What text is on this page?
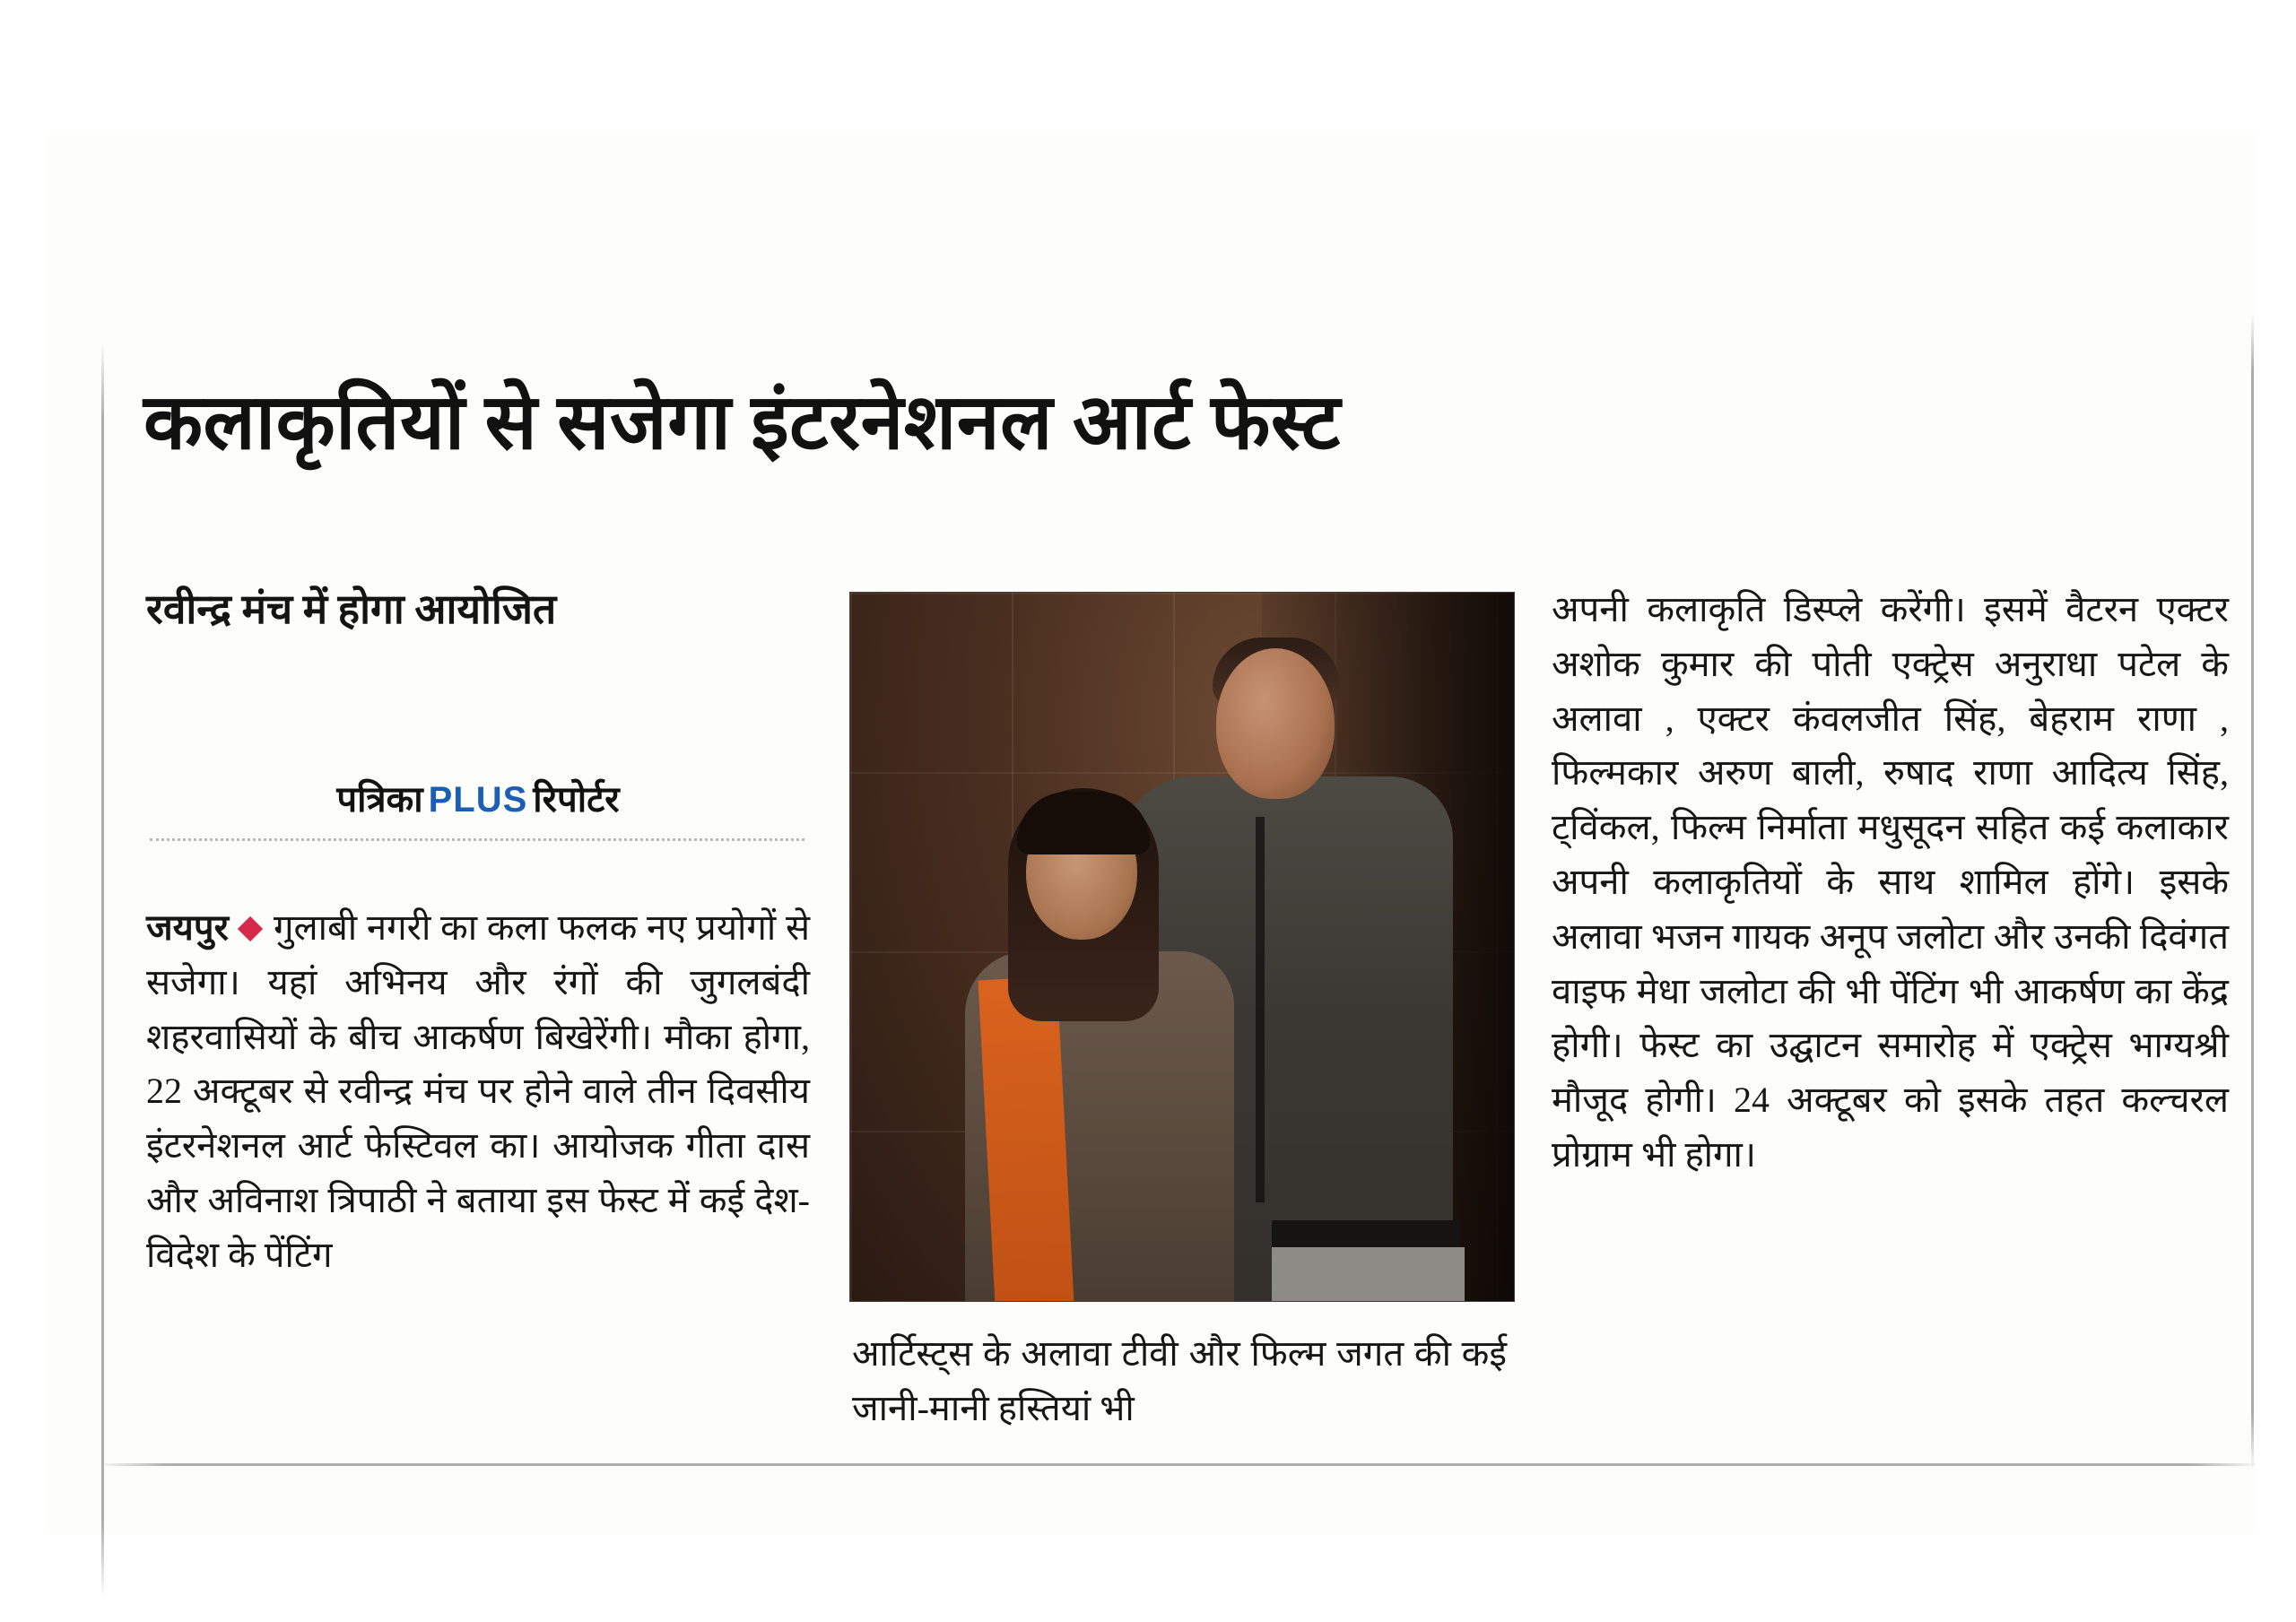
कलाकृतियों से सजेगा इंटरनेशनल आर्ट फेस्ट
रवीन्द्र मंच में होगा आयोजित
पत्रिका PLUS रिपोर्टर
जयपुर गुलाबी नगरी का कला फलक नए प्रयोगों से सजेगा। यहां अभिनय और रंगों की जुगलबंदी शहरवासियों के बीच आकर्षण बिखेरेंगी। मौका होगा, 22 अक्टूबर से रवीन्द्र मंच पर होने वाले तीन दिवसीय इंटरनेशनल आर्ट फेस्टिवल का। आयोजक गीता दास और अविनाश त्रिपाठी ने बताया इस फेस्ट में कई देश-विदेश के पेंटिंग
आर्टिस्ट्स के अलावा टीवी और फिल्म जगत की कई जानी-मानी हस्तियां भी
अपनी कलाकृति डिस्प्ले करेंगी। इसमें वैटरन एक्टर अशोक कुमार की पोती एक्ट्रेस अनुराधा पटेल के अलावा , एक्टर कंवलजीत सिंह, बेहराम राणा , फिल्मकार अरुण बाली, रुषाद राणा आदित्य सिंह, ट्विंकल, फिल्म निर्माता मधुसूदन सहित कई कलाकार अपनी कलाकृतियों के साथ शामिल होंगे। इसके अलावा भजन गायक अनूप जलोटा और उनकी दिवंगत वाइफ मेधा जलोटा की भी पेंटिंग भी आकर्षण का केंद्र होगी। फेस्ट का उद्घाटन समारोह में एक्ट्रेस भाग्यश्री मौजूद होगी। 24 अक्टूबर को इसके तहत कल्चरल प्रोग्राम भी होगा।
